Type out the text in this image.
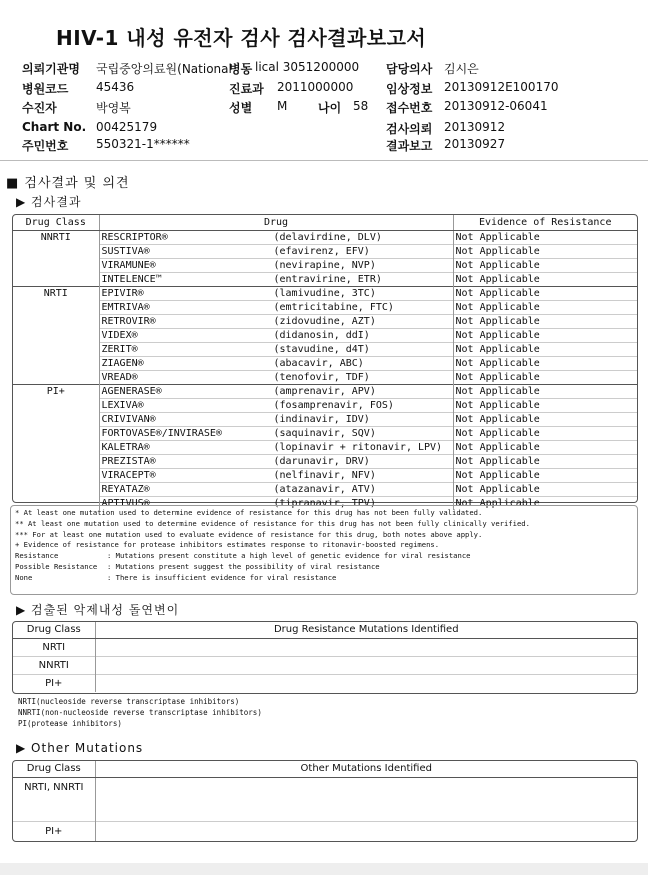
HIV-1 내성 유전자 검사 검사결과보고서
의뢰기관명 국립중앙의료원(National
병동 lical 3051200000 담당의사 김시은
병원코드 45436	진료과 2011000000	임상정보 20130912E100170
수진자	박영복	성별 M	나이 58 접수번호 20130912-06041
Chart No. 00425179	검사의뢰 20130912
주민번호 550321-1******	결과보고 20130927
■ 검사결과 및 의견
▶ 검사결과
Drug Class	Drug	Evidence of Resistance
NNRTI	RESCRIPTOR® (delavirdine, DLV)	Not Applicable
	SUSTIVA® (efavirenz, EFV)	Not Applicable
	VIRAMUNE® (nevirapine, NVP)	Not Applicable
	INTELENCE™ (entravirine, ETR)	Not Applicable
NRTI	EPIVIR® (lamivudine, 3TC)	Not Applicable
	EMTRIVA® (emtricitabine, FTC)	Not Applicable
	RETROVIR® (zidovudine, AZT)	Not Applicable
	VIDEX® (didanosin, ddI)	Not Applicable
	ZERIT® (stavudine, d4T)	Not Applicable
	ZIAGEN® (abacavir, ABC)	Not Applicable
	VREAD® (tenofovir, TDF)	Not Applicable
PI+	AGENERASE® (amprenavir, APV)	Not Applicable
	LEXIVA® (fosamprenavir, FOS)	Not Applicable
	CRIVIVAN® (indinavir, IDV)	Not Applicable
	FORTOVASE®/INVIRASE® (saquinavir, SQV)	Not Applicable
	KALETRA® (lopinavir + ritonavir, LPV)	Not Applicable
	PREZISTA® (darunavir, DRV)	Not Applicable
	VIRACEPT® (nelfinavir, NFV)	Not Applicable
	REYATAZ® (atazanavir, ATV)	Not Applicable
	APTIVUS® (tipranavir, TPV)	Not Applicable
* At least one mutation used to determine evidence of resistance for this drug has not been fully validated.
** At least one mutation used to determine evidence of resistance for this drug has not been fully clinically verified.
*** For at least one mutation used to evaluate evidence of resistance for this drug, both notes above apply.
+ Evidence of resistance for protease inhibitors estimates response to ritonavir-boosted regimens.
Resistance	: Mutations present constitute a high level of genetic evidence for viral resistance
Possible Resistance : Mutations present suggest the possibility of viral resistance
None	: There is insufficient evidence for viral resistance
▶ 검출된 악제내성 돌연변이
Drug Class	Drug Resistance Mutations Identified
NRTI	
NNRTI	
PI+	
NRTI(nucleoside reverse transcriptase inhibitors)
NNRTI(non-nucleoside reverse transcriptase inhibitors)
PI(protease inhibitors)
▶ Other Mutations
Drug Class	Other Mutations Identified
NRTI, NNRTI	
PI+	
